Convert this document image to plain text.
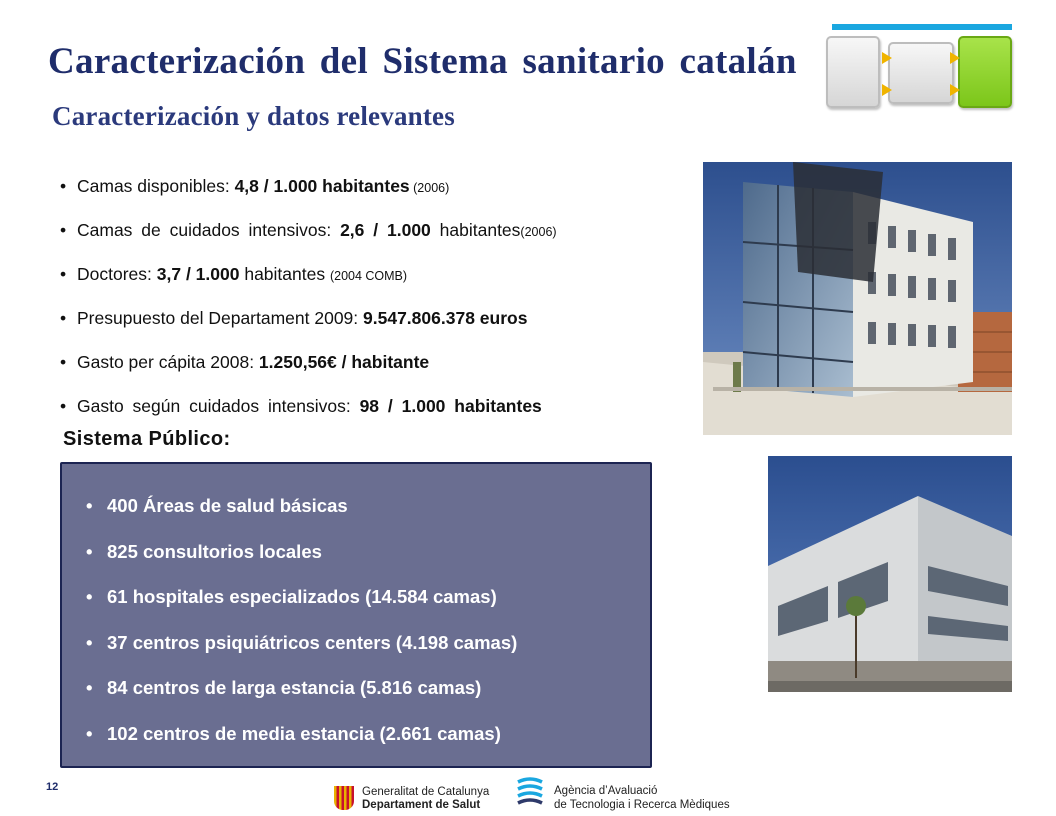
Caracterización del Sistema sanitario catalán
Caracterización y datos relevantes
• Camas disponibles: 4,8 / 1.000 habitantes (2006)
• Camas de cuidados intensivos: 2,6 / 1.000 habitantes(2006)
• Doctores: 3,7 / 1.000 habitantes (2004 COMB)
• Presupuesto del Departament 2009: 9.547.806.378 euros
• Gasto per cápita 2008: 1.250,56€ / habitante
• Gasto según cuidados intensivos: 98 / 1.000 habitantes
Sistema Público:
• 400 Áreas de salud básicas
• 825 consultorios locales
• 61 hospitales especializados (14.584 camas)
• 37 centros psiquiátricos centers (4.198 camas)
• 84 centros de larga estancia (5.816 camas)
• 102 centros de media estancia (2.661 camas)
12	Generalitat de Catalunya
Departament de Salut
Agència d’Avaluació
de Tecnologia i Recerca Mèdiques
